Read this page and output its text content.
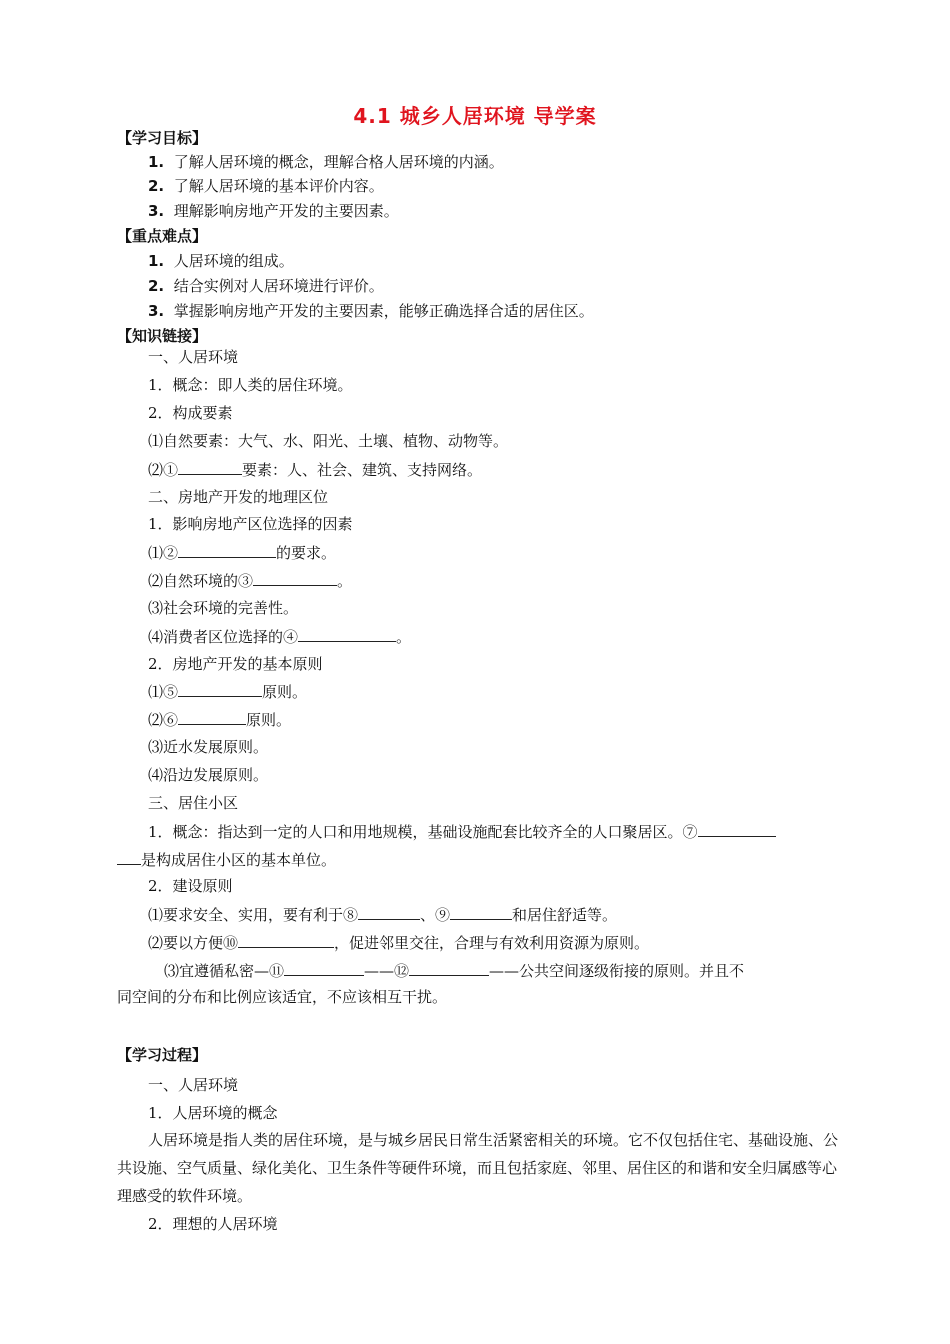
4.1 城乡人居环境 导学案
【学习目标】
1. 了解人居环境的概念，理解合格人居环境的内涵。
2. 了解人居环境的基本评价内容。
3. 理解影响房地产开发的主要因素。
【重点难点】
1. 人居环境的组成。
2. 结合实例对人居环境进行评价。
3. 掌握影响房地产开发的主要因素，能够正确选择合适的居住区。
【知识链接】
一、人居环境
1．概念：即人类的居住环境。
2．构成要素
⑴自然要素：大气、水、阳光、土壤、植物、动物等。
⑵①	要素：人、社会、建筑、支持网络。
二、房地产开发的地理区位
1．影响房地产区位选择的因素
⑴②	的要求。
⑵自然环境的③	。
⑶社会环境的完善性。
⑷消费者区位选择的④	。
2．房地产开发的基本原则
⑴⑤	原则。
⑵⑥	原则。
⑶近水发展原则。
⑷沿边发展原则。
三、居住小区
1．概念：指达到一定的人口和用地规模，基础设施配套比较齐全的人口聚居区。⑦
是构成居住小区的基本单位。
2．建设原则
⑴要求安全、实用，要有利于⑧	、⑨	和居住舒适等。
⑵要以方便⑩	，促进邻里交往，合理与有效利用资源为原则。
⑶宜遵循私密—⑪	——⑫	——公共空间逐级衔接的原则。并且不
同空间的分布和比例应该适宜，不应该相互干扰。
【学习过程】
一、人居环境
1．人居环境的概念
人居环境是指人类的居住环境，是与城乡居民日常生活紧密相关的环境。它不仅包括住宅、基础设施、公共设施、空气质量、绿化美化、卫生条件等硬件环境，而且包括家庭、邻里、居住区的和谐和安全归属感等心理感受的软件环境。
2．理想的人居环境
